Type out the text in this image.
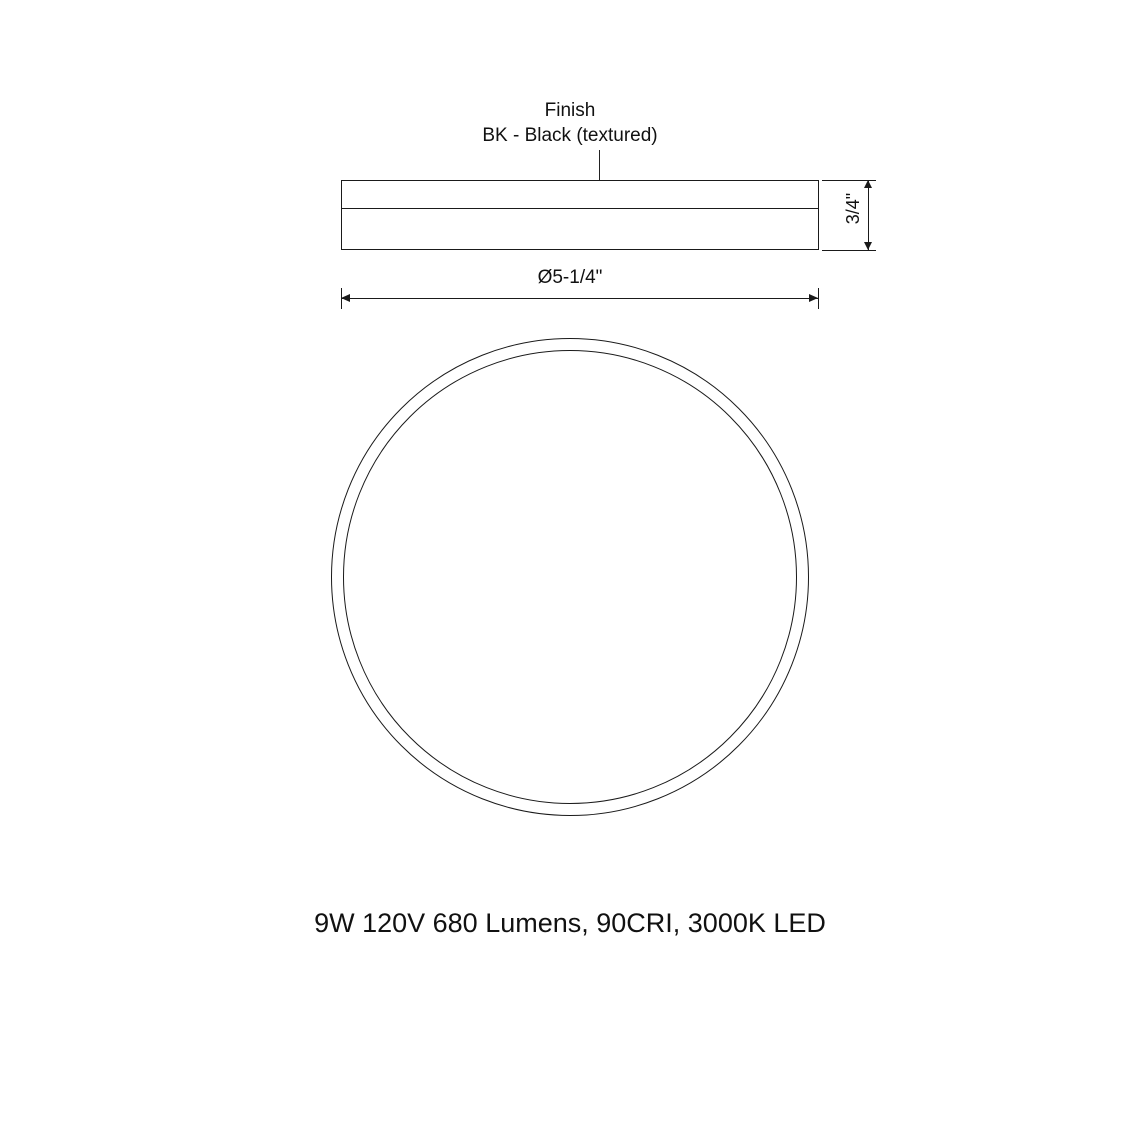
Finish
BK - Black (textured)
3/4"
Ø5-1/4"
9W 120V 680 Lumens, 90CRI, 3000K LED
